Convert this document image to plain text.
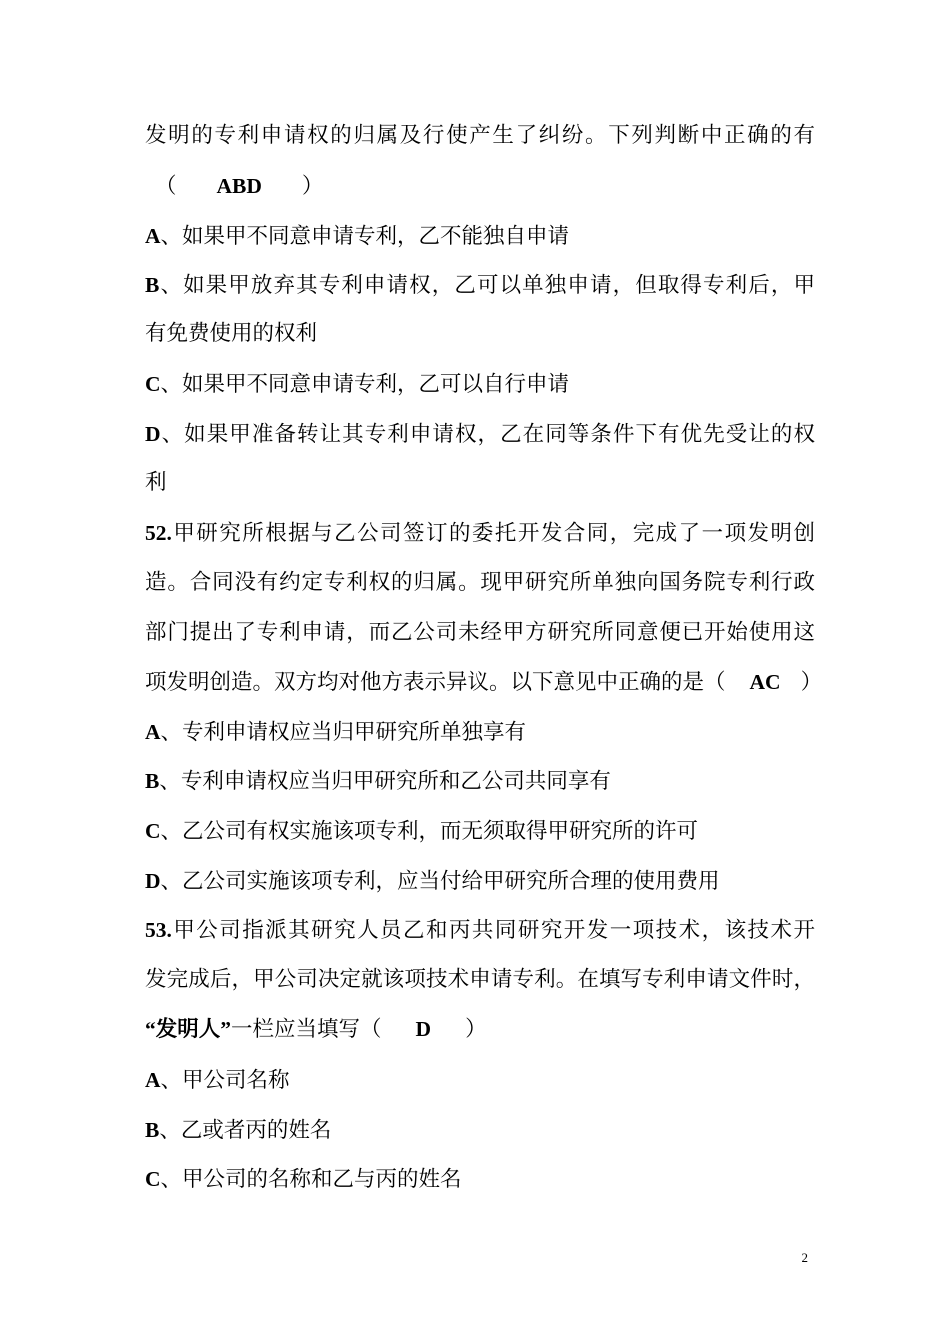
发明的专利申请权的归属及行使产生了纠纷。下列判断中正确的有
（ ABD ）
A、如果甲不同意申请专利，乙不能独自申请
B、如果甲放弃其专利申请权，乙可以单独申请，但取得专利后，甲
有免费使用的权利
C、如果甲不同意申请专利，乙可以自行申请
D、如果甲准备转让其专利申请权，乙在同等条件下有优先受让的权
利
52.甲研究所根据与乙公司签订的委托开发合同，完成了一项发明创
造。合同没有约定专利权的归属。现甲研究所单独向国务院专利行政
部门提出了专利申请，而乙公司未经甲方研究所同意便已开始使用这
项发明创造。双方均对他方表示异议。以下意见中正确的是（ AC ）
A、专利申请权应当归甲研究所单独享有
B、专利申请权应当归甲研究所和乙公司共同享有
C、乙公司有权实施该项专利，而无须取得甲研究所的许可
D、乙公司实施该项专利，应当付给甲研究所合理的使用费用
53.甲公司指派其研究人员乙和丙共同研究开发一项技术，该技术开
发完成后，甲公司决定就该项技术申请专利。在填写专利申请文件时，
“发明人”一栏应当填写（ D ）
A、甲公司名称
B、乙或者丙的姓名
C、甲公司的名称和乙与丙的姓名
2
